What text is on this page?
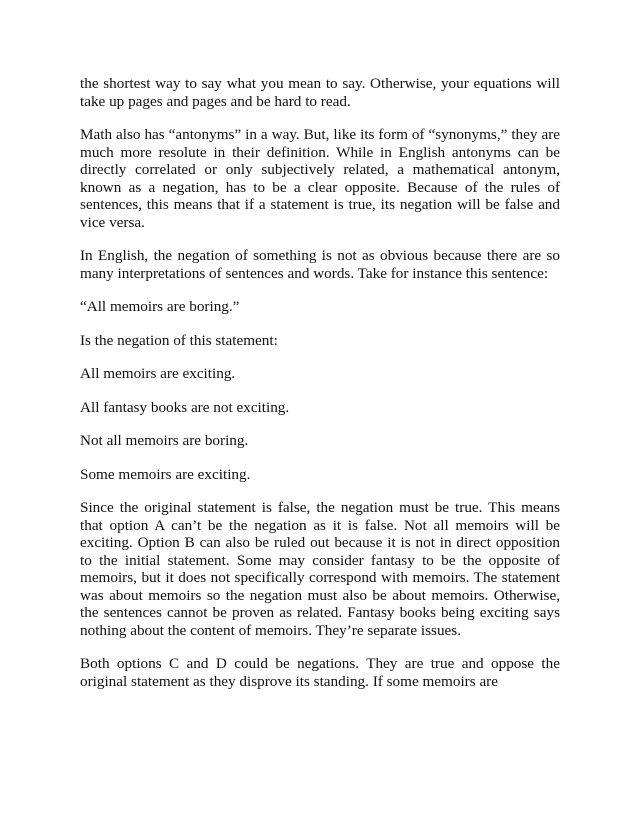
the shortest way to say what you mean to say. Otherwise, your equations will take up pages and pages and be hard to read.

Math also has “antonyms” in a way. But, like its form of “synonyms,” they are much more resolute in their definition. While in English antonyms can be directly correlated or only subjectively related, a mathematical antonym, known as a negation, has to be a clear opposite. Because of the rules of sentences, this means that if a statement is true, its negation will be false and vice versa.

In English, the negation of something is not as obvious because there are so many interpretations of sentences and words. Take for instance this sentence:

“All memoirs are boring.”

Is the negation of this statement:

All memoirs are exciting.

All fantasy books are not exciting.

Not all memoirs are boring.

Some memoirs are exciting.

Since the original statement is false, the negation must be true. This means that option A can’t be the negation as it is false. Not all memoirs will be exciting. Option B can also be ruled out because it is not in direct opposition to the initial statement. Some may consider fantasy to be the opposite of memoirs, but it does not specifically correspond with memoirs. The statement was about memoirs so the negation must also be about memoirs. Otherwise, the sentences cannot be proven as related. Fantasy books being exciting says nothing about the content of memoirs. They’re separate issues.

Both options C and D could be negations. They are true and oppose the original statement as they disprove its standing. If some memoirs are
